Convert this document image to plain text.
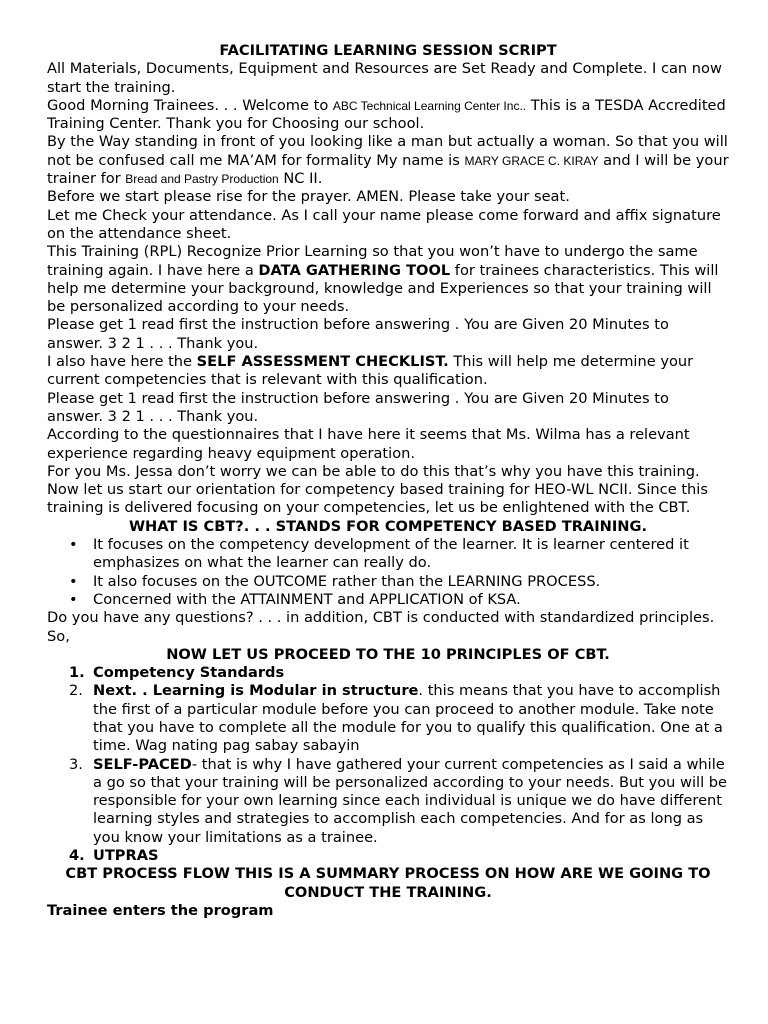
FACILITATING LEARNING SESSION SCRIPT
All Materials, Documents, Equipment and Resources are Set Ready and Complete. I can now start the training.
Good Morning Trainees. . . Welcome to ABC Technical Learning Center Inc.. This is a TESDA Accredited Training Center. Thank you for Choosing our school.
By the Way standing in front of you looking like a man but actually a woman. So that you will not be confused call me MA’AM for formality My name is MARY GRACE C. KIRAY and I will be your trainer for Bread and Pastry Production NC II.
Before we start please rise for the prayer. AMEN. Please take your seat.
Let me Check your attendance. As I call your name please come forward and affix signature on the attendance sheet.
This Training (RPL) Recognize Prior Learning so that you won’t have to undergo the same training again. I have here a DATA GATHERING TOOL for trainees characteristics. This will help me determine your background, knowledge and Experiences so that your training will be personalized according to your needs.
Please get 1 read first the instruction before answering . You are Given 20 Minutes to answer. 3 2 1 . . . Thank you.
I also have here the SELF ASSESSMENT CHECKLIST. This will help me determine your current competencies that is relevant with this qualification.
Please get 1 read first the instruction before answering . You are Given 20 Minutes to answer. 3 2 1 . . . Thank you.
According to the questionnaires that I have here it seems that Ms. Wilma has a relevant experience regarding heavy equipment operation.
For you Ms. Jessa don’t worry we can be able to do this that’s why you have this training.
Now let us start our orientation for competency based training for HEO-WL NCII. Since this training is delivered focusing on your competencies, let us be enlightened with the CBT.
WHAT IS CBT?. . . STANDS FOR COMPETENCY BASED TRAINING.
• It focuses on the competency development of the learner. It is learner centered it emphasizes on what the learner can really do.
• It also focuses on the OUTCOME rather than the LEARNING PROCESS.
• Concerned with the ATTAINMENT and APPLICATION of KSA.
Do you have any questions? . . . in addition, CBT is conducted with standardized principles. So,
NOW LET US PROCEED TO THE 10 PRINCIPLES OF CBT.
1. Competency Standards
2. Next. . Learning is Modular in structure. this means that you have to accomplish the first of a particular module before you can proceed to another module. Take note that you have to complete all the module for you to qualify this qualification. One at a time. Wag nating pag sabay sabayin
3. SELF-PACED- that is why I have gathered your current competencies as I said a while a go so that your training will be personalized according to your needs. But you will be responsible for your own learning since each individual is unique we do have different learning styles and strategies to accomplish each competencies. And for as long as you know your limitations as a trainee.
4. UTPRAS
CBT PROCESS FLOW THIS IS A SUMMARY PROCESS ON HOW ARE WE GOING TO CONDUCT THE TRAINING.
Trainee enters the program
